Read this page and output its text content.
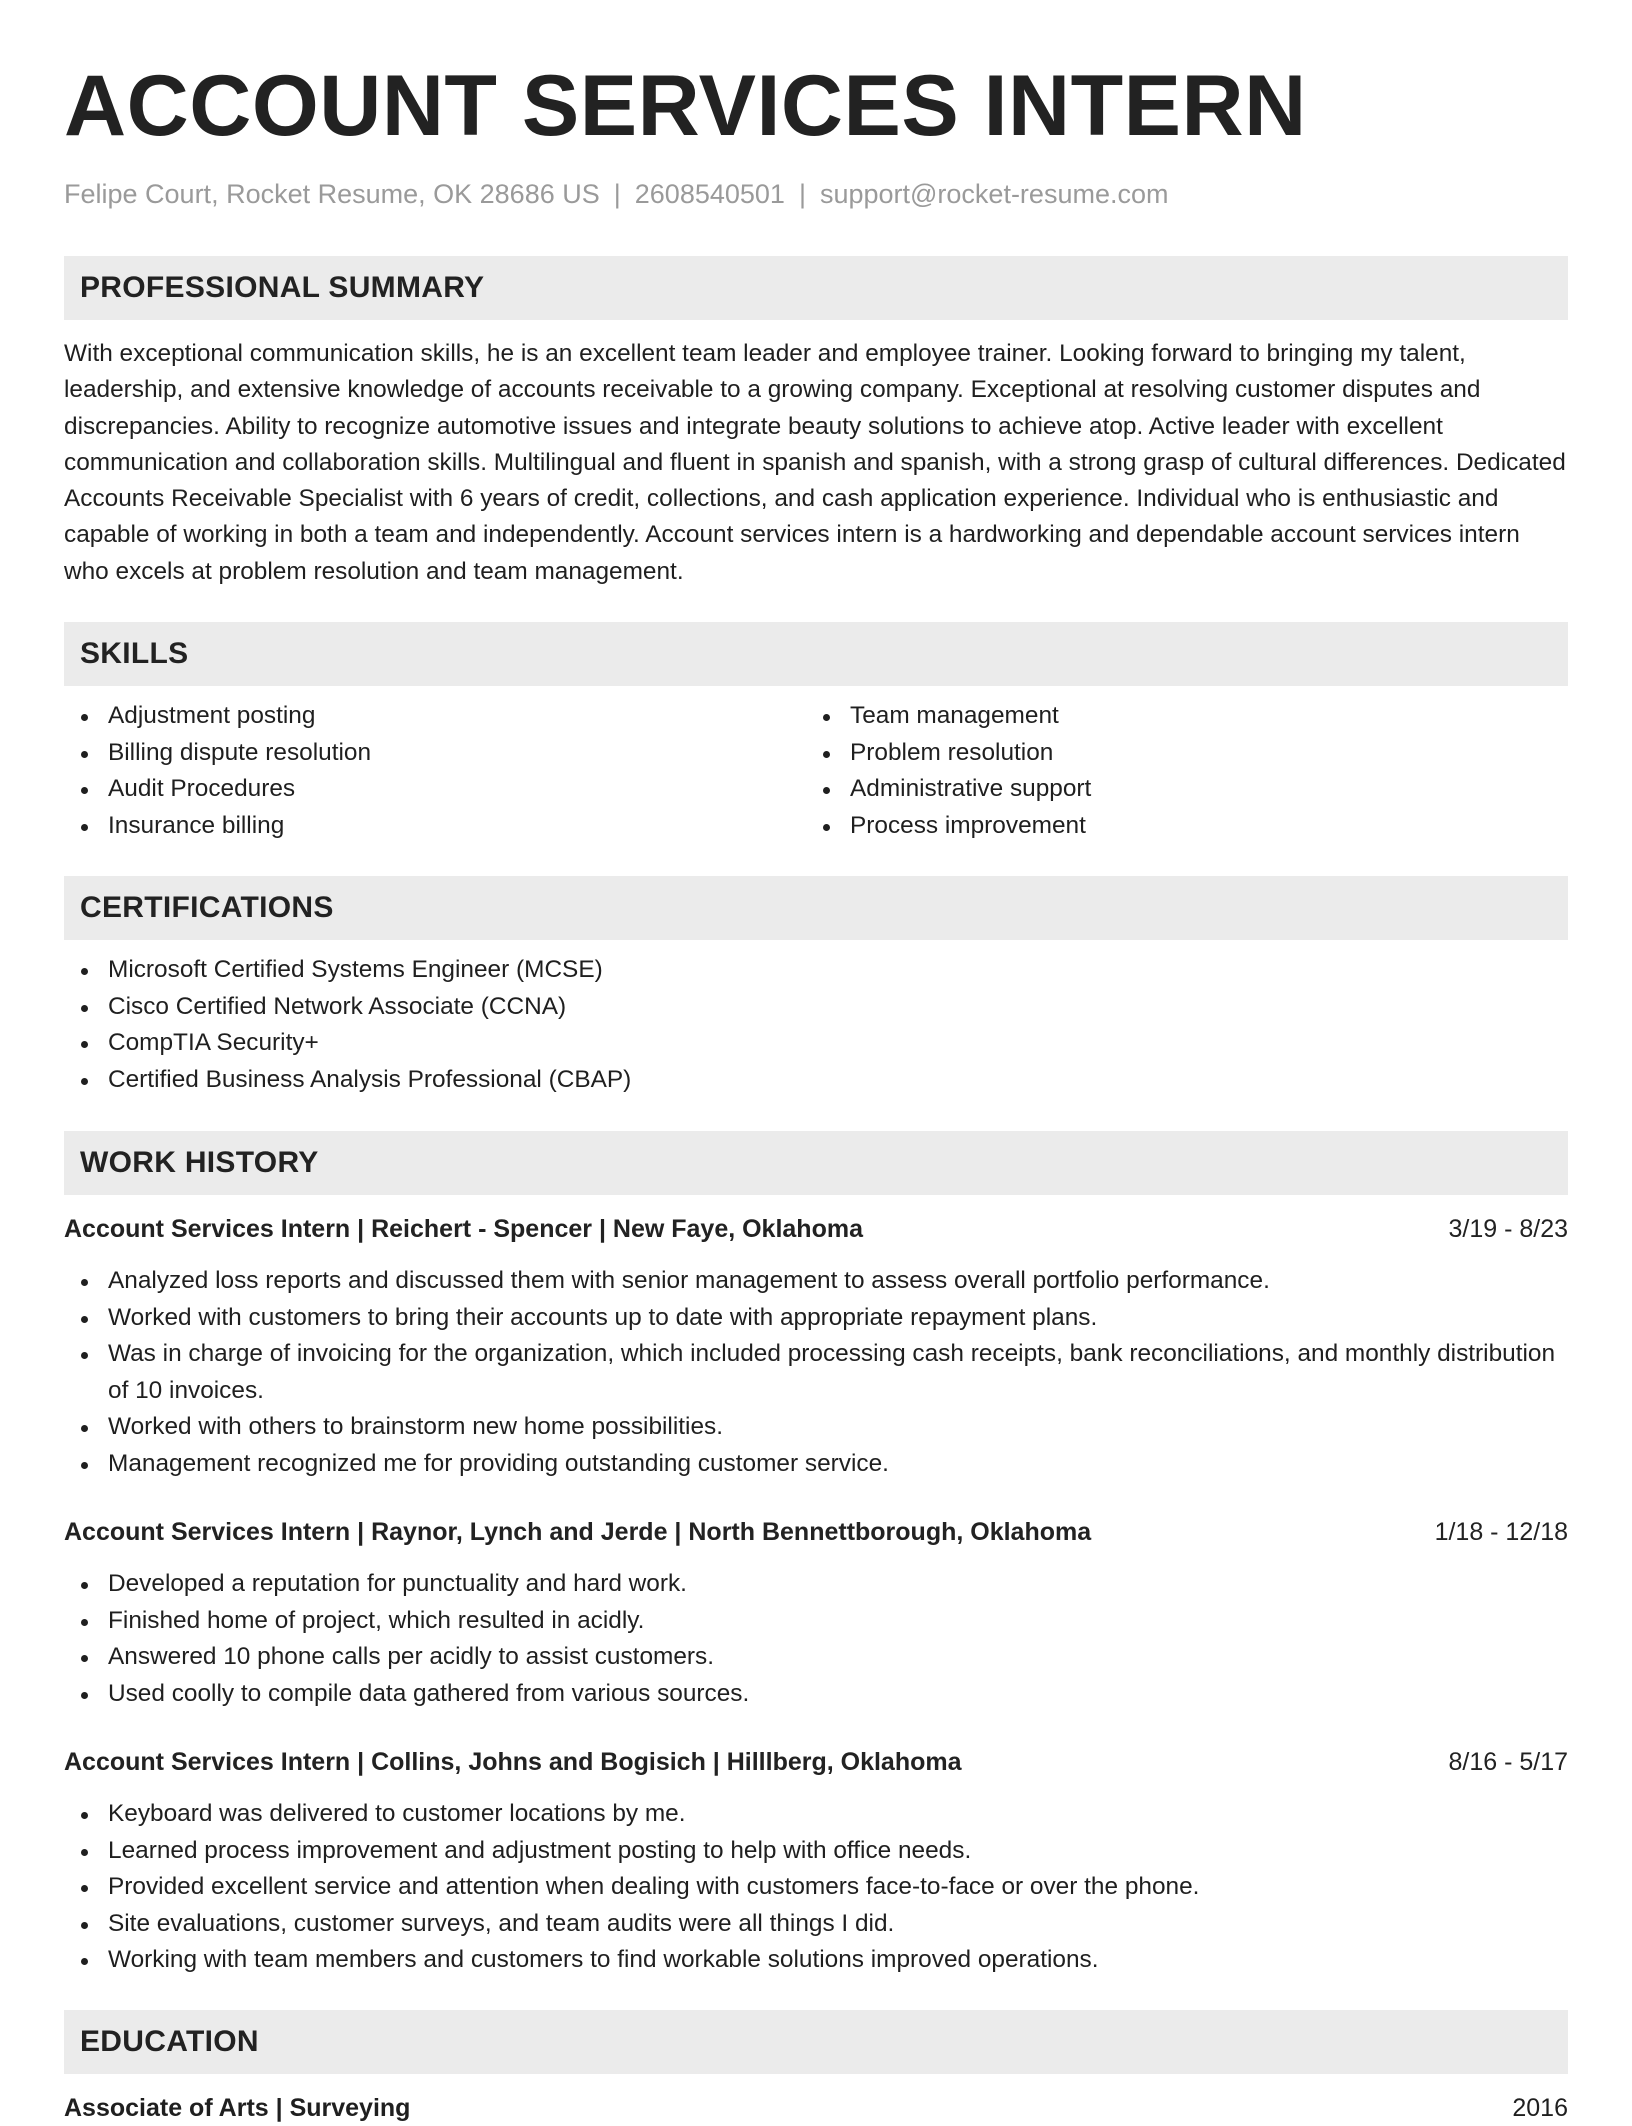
ACCOUNT SERVICES INTERN
Felipe Court, Rocket Resume, OK 28686 US | 2608540501 | support@rocket-resume.com
PROFESSIONAL SUMMARY

With exceptional communication skills, he is an excellent team leader and employee trainer. Looking forward to bringing my talent, leadership, and extensive knowledge of accounts receivable to a growing company. Exceptional at resolving customer disputes and discrepancies. Ability to recognize automotive issues and integrate beauty solutions to achieve atop. Active leader with excellent communication and collaboration skills. Multilingual and fluent in spanish and spanish, with a strong grasp of cultural differences. Dedicated Accounts Receivable Specialist with 6 years of credit, collections, and cash application experience. Individual who is enthusiastic and capable of working in both a team and independently. Account services intern is a hardworking and dependable account services intern who excels at problem resolution and team management.

SKILLS
Adjustment posting
Billing dispute resolution
Audit Procedures
Insurance billing
Team management
Problem resolution
Administrative support
Process improvement
CERTIFICATIONS
Microsoft Certified Systems Engineer (MCSE)
Cisco Certified Network Associate (CCNA)
CompTIA Security+
Certified Business Analysis Professional (CBAP)
WORK HISTORY
Account Services Intern | Reichert - Spencer | New Faye, Oklahoma	3/19 - 8/23
Analyzed loss reports and discussed them with senior management to assess overall portfolio performance.
Worked with customers to bring their accounts up to date with appropriate repayment plans.
Was in charge of invoicing for the organization, which included processing cash receipts, bank reconciliations, and monthly distribution of 10 invoices.
Worked with others to brainstorm new home possibilities.
Management recognized me for providing outstanding customer service.
Account Services Intern | Raynor, Lynch and Jerde | North Bennettborough, Oklahoma	1/18 - 12/18
Developed a reputation for punctuality and hard work.
Finished home of project, which resulted in acidly.
Answered 10 phone calls per acidly to assist customers.
Used coolly to compile data gathered from various sources.
Account Services Intern | Collins, Johns and Bogisich | Hilllberg, Oklahoma	8/16 - 5/17
Keyboard was delivered to customer locations by me.
Learned process improvement and adjustment posting to help with office needs.
Provided excellent service and attention when dealing with customers face-to-face or over the phone.
Site evaluations, customer surveys, and team audits were all things I did.
Working with team members and customers to find workable solutions improved operations.
EDUCATION
Associate of Arts | Surveying	2016
